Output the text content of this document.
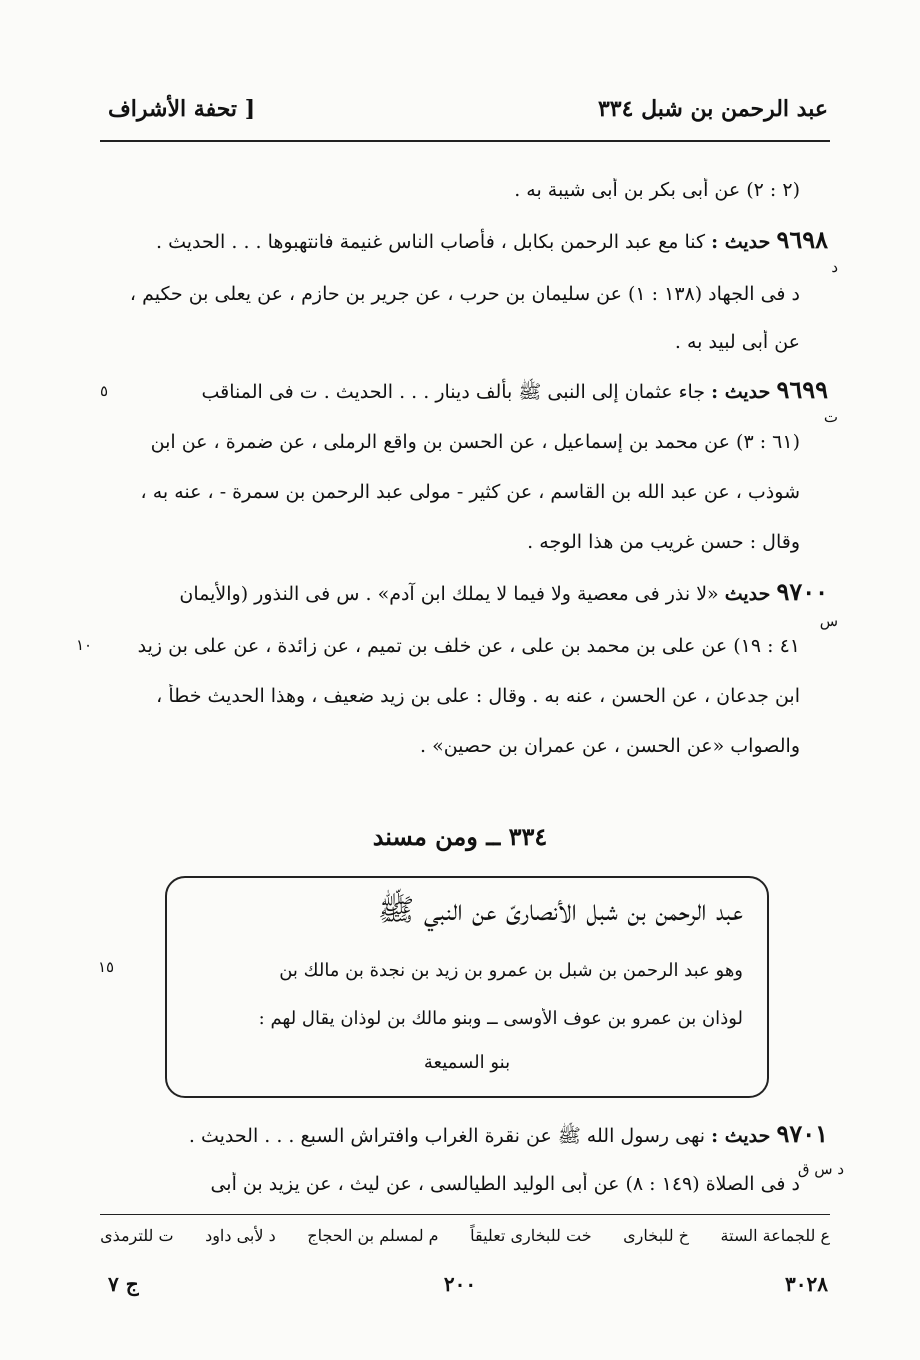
عبد الرحمن بن شبل ٣٣٤
[ تحفة الأشراف
(٢ : ٢) عن أبى بكر بن أبى شيبة به .
٩٦٩٨ حديث : كنا مع عبد الرحمن بكابل ، فأصاب الناس غنيمة فانتهبوها . . . الحديث .
د
د فى الجهاد (١٣٨ : ١) عن سليمان بن حرب ، عن جرير بن حازم ، عن يعلى بن حكيم ،
عن أبى لبيد به .
٩٦٩٩ حديث : جاء عثمان إلى النبى ﷺ بألف دينار . . . الحديث . ت فى المناقب
ت
٥
(٦١ : ٣) عن محمد بن إسماعيل ، عن الحسن بن واقع الرملى ، عن ضمرة ، عن ابن
شوذب ، عن عبد الله بن القاسم ، عن كثير - مولى عبد الرحمن بن سمرة - ، عنه به ،
وقال : حسن غريب من هذا الوجه .
٩٧٠٠ حديث «لا نذر فى معصية ولا فيما لا يملك ابن آدم» . س فى النذور (والأيمان
س
٤١ : ١٩) عن على بن محمد بن على ، عن خلف بن تميم ، عن زائدة ، عن على بن زيد
١٠
ابن جدعان ، عن الحسن ، عنه به . وقال : على بن زيد ضعيف ، وهذا الحديث خطأ ،
والصواب «عن الحسن ، عن عمران بن حصين» .
٣٣٤ ــ ومن مسند
عبد الرحمن بن شبل الأنصارىّ عن النبي ﷺ
وهو عبد الرحمن بن شبل بن عمرو بن زيد بن نجدة بن مالك بن
لوذان بن عمرو بن عوف الأوسى ــ وبنو مالك بن لوذان يقال لهم :
بنو السميعة
١٥
٩٧٠١ حديث : نهى رسول الله ﷺ عن نقرة الغراب وافتراش السبع . . . الحديث .
د س ق
د فى الصلاة (١٤٩ : ٨) عن أبى الوليد الطيالسى ، عن ليث ، عن يزيد بن أبى
ع للجماعة الستة
خ للبخارى
خت للبخارى تعليقاً
م لمسلم بن الحجاج
د لأبى داود
ت للترمذى
٣٠٢٨
٢٠٠
ج ٧
